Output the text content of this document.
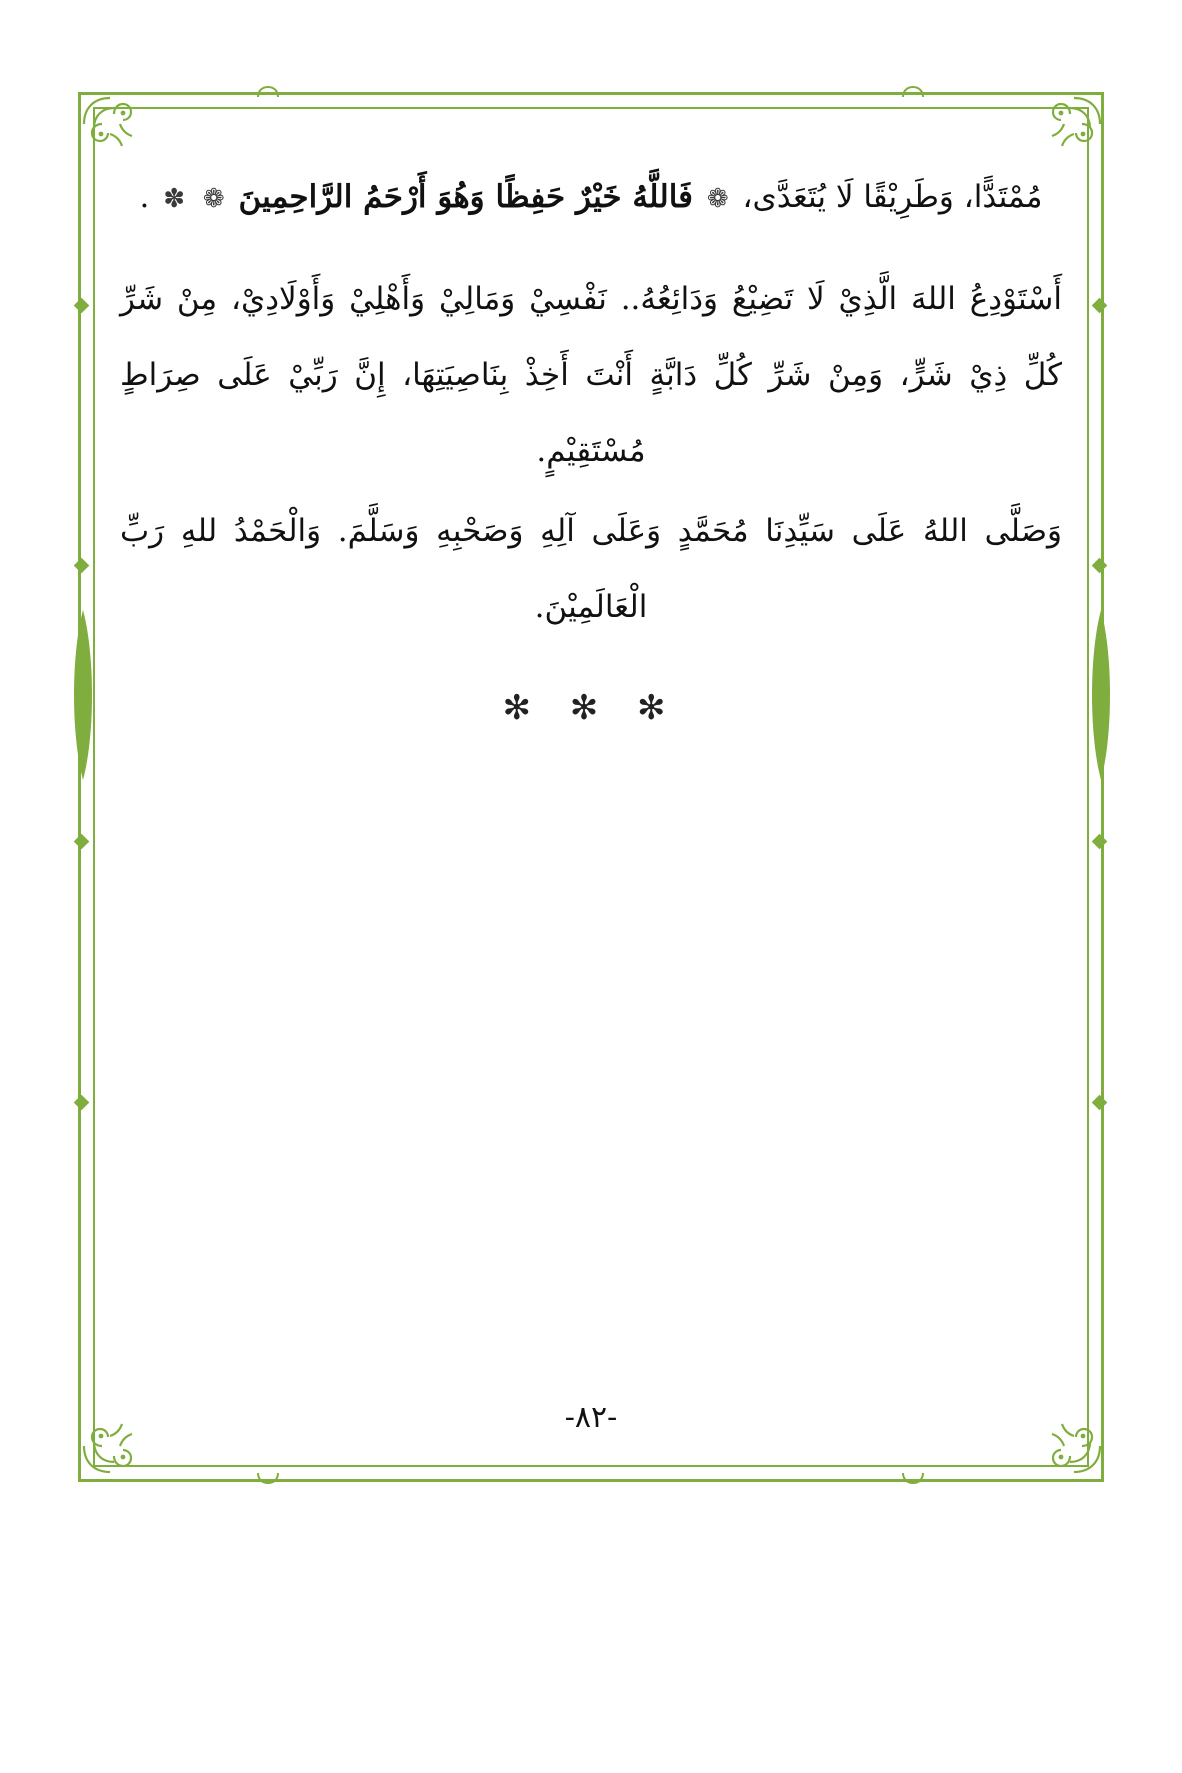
مُمْتَدًّا، وَطَرِيْقًا لَا يُتَعَدَّى، ❁ فَاللَّهُ خَيْرٌ حَفِظًا وَهُوَ أَرْحَمُ الرَّاحِمِينَ ❁ ✽ .

أَسْتَوْدِعُ اللهَ الَّذِيْ لَا تَضِيْعُ وَدَائِعُهُ.. نَفْسِيْ وَمَالِيْ وَأَهْلِيْ وَأَوْلَادِيْ، مِنْ شَرِّ كُلِّ ذِيْ شَرٍّ، وَمِنْ شَرِّ كُلِّ دَابَّةٍ أَنْتَ أَخِذْ بِنَاصِيَتِهَا، إِنَّ رَبِّيْ عَلَى صِرَاطٍ مُسْتَقِيْمٍ.

وَصَلَّى اللهُ عَلَى سَيِّدِنَا مُحَمَّدٍ وَعَلَى آلِهِ وَصَحْبِهِ وَسَلَّمَ. وَالْحَمْدُ للهِ رَبِّ الْعَالَمِيْنَ.

✻ ✻ ✻
-٨٢-
